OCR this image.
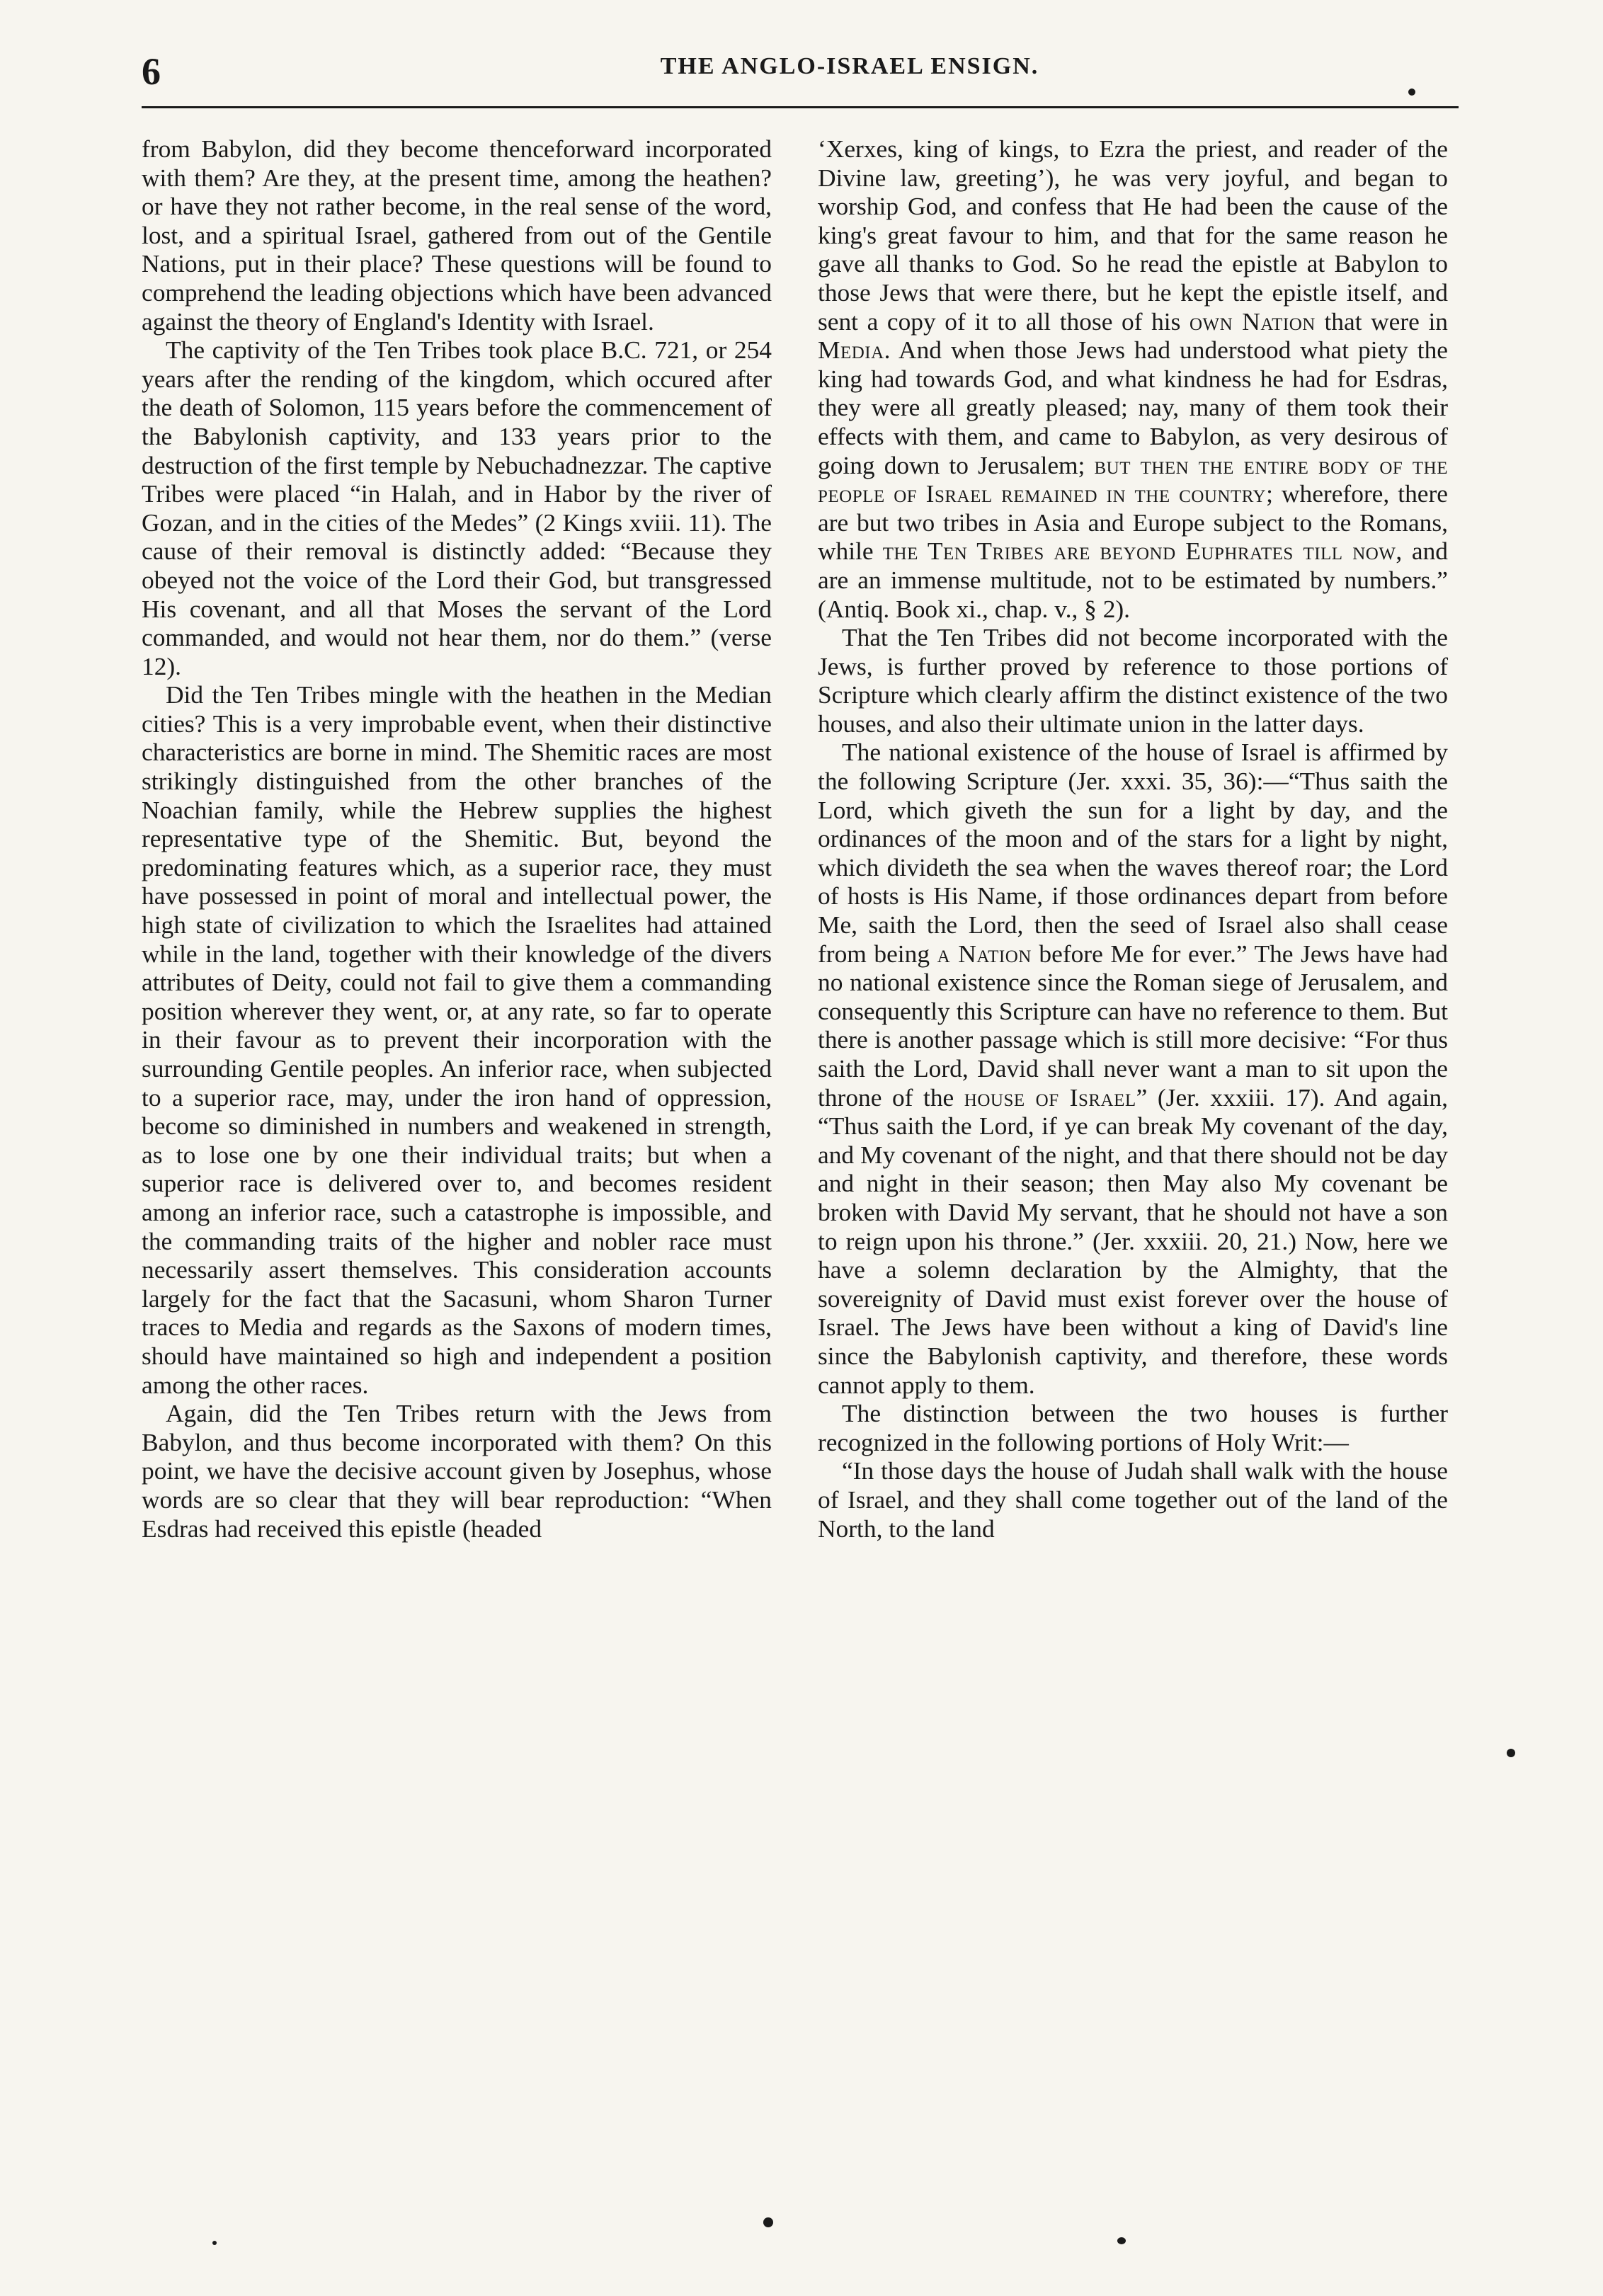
6	THE ANGLO-ISRAEL ENSIGN.

from Babylon, did they become thenceforward incorporated with them? Are they, at the present time, among the heathen? or have they not rather become, in the real sense of the word, lost, and a spiritual Israel, gathered from out of the Gentile Nations, put in their place? These questions will be found to comprehend the leading objections which have been advanced against the theory of England's Identity with Israel.

The captivity of the Ten Tribes took place B.C. 721, or 254 years after the rending of the kingdom, which occured after the death of Solomon, 115 years before the commencement of the Babylonish captivity, and 133 years prior to the destruction of the first temple by Nebuchadnezzar. The captive Tribes were placed “in Halah, and in Habor by the river of Gozan, and in the cities of the Medes” (2 Kings xviii. 11). The cause of their removal is distinctly added: “Because they obeyed not the voice of the Lord their God, but transgressed His covenant, and all that Moses the servant of the Lord commanded, and would not hear them, nor do them.” (verse 12).

Did the Ten Tribes mingle with the heathen in the Median cities? This is a very improbable event, when their distinctive characteristics are borne in mind. The Shemitic races are most strikingly distinguished from the other branches of the Noachian family, while the Hebrew supplies the highest representative type of the Shemitic. But, beyond the predominating features which, as a superior race, they must have possessed in point of moral and intellectual power, the high state of civilization to which the Israelites had attained while in the land, together with their knowledge of the divers attributes of Deity, could not fail to give them a commanding position wherever they went, or, at any rate, so far to operate in their favour as to prevent their incorporation with the surrounding Gentile peoples. An inferior race, when subjected to a superior race, may, under the iron hand of oppression, become so diminished in numbers and weakened in strength, as to lose one by one their individual traits; but when a superior race is delivered over to, and becomes resident among an inferior race, such a catastrophe is impossible, and the commanding traits of the higher and nobler race must necessarily assert themselves. This consideration accounts largely for the fact that the Sacasuni, whom Sharon Turner traces to Media and regards as the Saxons of modern times, should have maintained so high and independent a position among the other races.

Again, did the Ten Tribes return with the Jews from Babylon, and thus become incorporated with them? On this point, we have the decisive account given by Josephus, whose words are so clear that they will bear reproduction: “When Esdras had received this epistle (headed

‘Xerxes, king of kings, to Ezra the priest, and reader of the Divine law, greeting’), he was very joyful, and began to worship God, and confess that He had been the cause of the king's great favour to him, and that for the same reason he gave all thanks to God. So he read the epistle at Babylon to those Jews that were there, but he kept the epistle itself, and sent a copy of it to all those of his own Nation that were in Media. And when those Jews had understood what piety the king had towards God, and what kindness he had for Esdras, they were all greatly pleased; nay, many of them took their effects with them, and came to Babylon, as very desirous of going down to Jerusalem; but then the entire body of the people of Israel remained in the country; wherefore, there are but two tribes in Asia and Europe subject to the Romans, while the Ten Tribes are beyond Euphrates till now, and are an immense multitude, not to be estimated by numbers.” (Antiq. Book xi., chap. v., § 2).

That the Ten Tribes did not become incorporated with the Jews, is further proved by reference to those portions of Scripture which clearly affirm the distinct existence of the two houses, and also their ultimate union in the latter days.

The national existence of the house of Israel is affirmed by the following Scripture (Jer. xxxi. 35, 36):—“Thus saith the Lord, which giveth the sun for a light by day, and the ordinances of the moon and of the stars for a light by night, which divideth the sea when the waves thereof roar; the Lord of hosts is His Name, if those ordinances depart from before Me, saith the Lord, then the seed of Israel also shall cease from being a Nation before Me for ever.” The Jews have had no national existence since the Roman siege of Jerusalem, and consequently this Scripture can have no reference to them. But there is another passage which is still more decisive: “For thus saith the Lord, David shall never want a man to sit upon the throne of the house of Israel” (Jer. xxxiii. 17). And again, “Thus saith the Lord, if ye can break My covenant of the day, and My covenant of the night, and that there should not be day and night in their season; then May also My covenant be broken with David My servant, that he should not have a son to reign upon his throne.” (Jer. xxxiii. 20, 21.) Now, here we have a solemn declaration by the Almighty, that the sovereignity of David must exist forever over the house of Israel. The Jews have been without a king of David's line since the Babylonish captivity, and therefore, these words cannot apply to them.

The distinction between the two houses is further recognized in the following portions of Holy Writ:—

“In those days the house of Judah shall walk with the house of Israel, and they shall come together out of the land of the North, to the land
